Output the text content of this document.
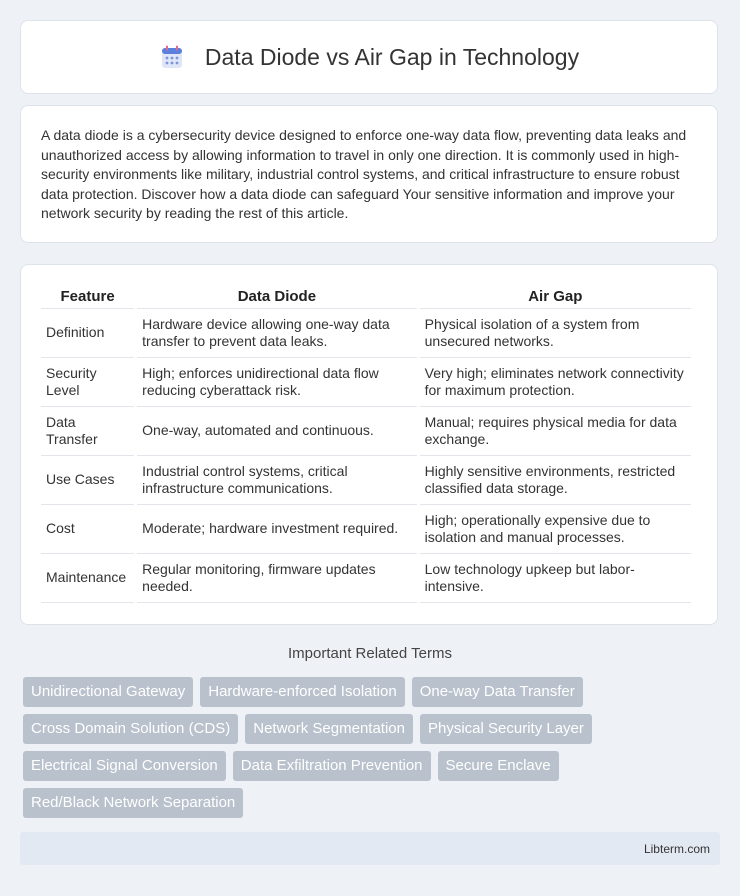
Data Diode vs Air Gap in Technology

A data diode is a cybersecurity device designed to enforce one-way data flow, preventing data leaks and unauthorized access by allowing information to travel in only one direction. It is commonly used in high-security environments like military, industrial control systems, and critical infrastructure to ensure robust data protection. Discover how a data diode can safeguard Your sensitive information and improve your network security by reading the rest of this article.

Feature	Data Diode	Air Gap
Definition	Hardware device allowing one-way data transfer to prevent data leaks.	Physical isolation of a system from unsecured networks.
Security Level	High; enforces unidirectional data flow reducing cyberattack risk.	Very high; eliminates network connectivity for maximum protection.
Data Transfer	One-way, automated and continuous.	Manual; requires physical media for data exchange.
Use Cases	Industrial control systems, critical infrastructure communications.	Highly sensitive environments, restricted classified data storage.
Cost	Moderate; hardware investment required.	High; operationally expensive due to isolation and manual processes.
Maintenance	Regular monitoring, firmware updates needed.	Low technology upkeep but labor-intensive.
Important Related Terms
Unidirectional Gateway	Hardware-enforced Isolation	One-way Data Transfer
Cross Domain Solution (CDS)	Network Segmentation	Physical Security Layer
Electrical Signal Conversion	Data Exfiltration Prevention	Secure Enclave
Red/Black Network Separation
Libterm.com
